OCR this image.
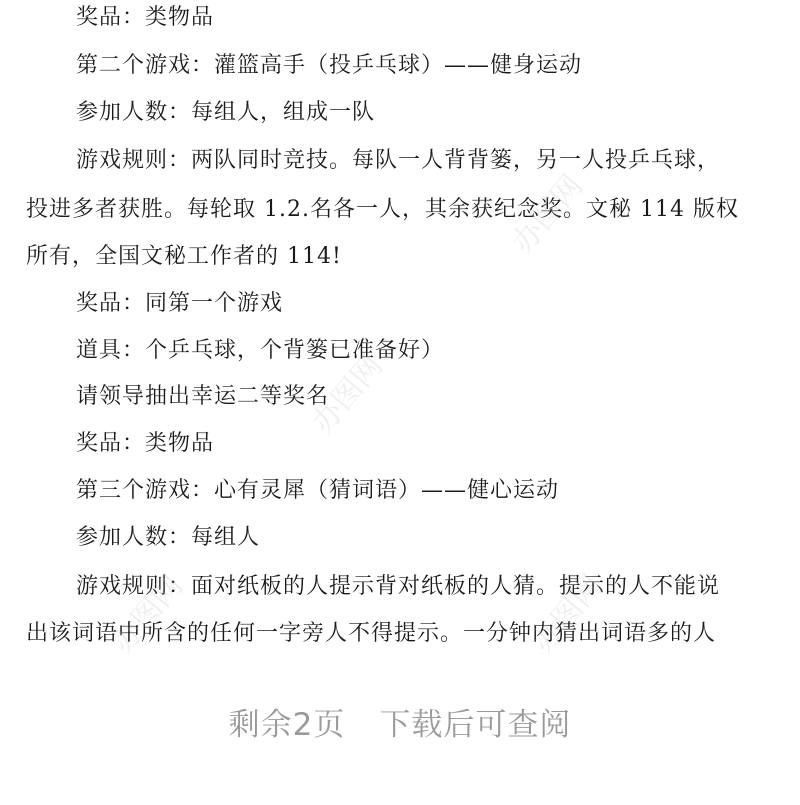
奖品：类物品
第二个游戏：灌篮高手（投乒乓球）——健身运动
参加人数：每组人，组成一队
游戏规则：两队同时竞技。每队一人背背篓，另一人投乒乓球，
投进多者获胜。每轮取 1.2.名各一人，其余获纪念奖。文秘 114 版权
所有，全国文秘工作者的 114!
奖品：同第一个游戏
道具：个乒乓球，个背篓已准备好）
请领导抽出幸运二等奖名
奖品：类物品
第三个游戏：心有灵犀（猜词语）——健心运动
参加人数：每组人
游戏规则：面对纸板的人提示背对纸板的人猜。提示的人不能说
出该词语中所含的任何一字旁人不得提示。一分钟内猜出词语多的人
办图网
办图网
办图网	办图网
剩余2页 下载后可查阅
